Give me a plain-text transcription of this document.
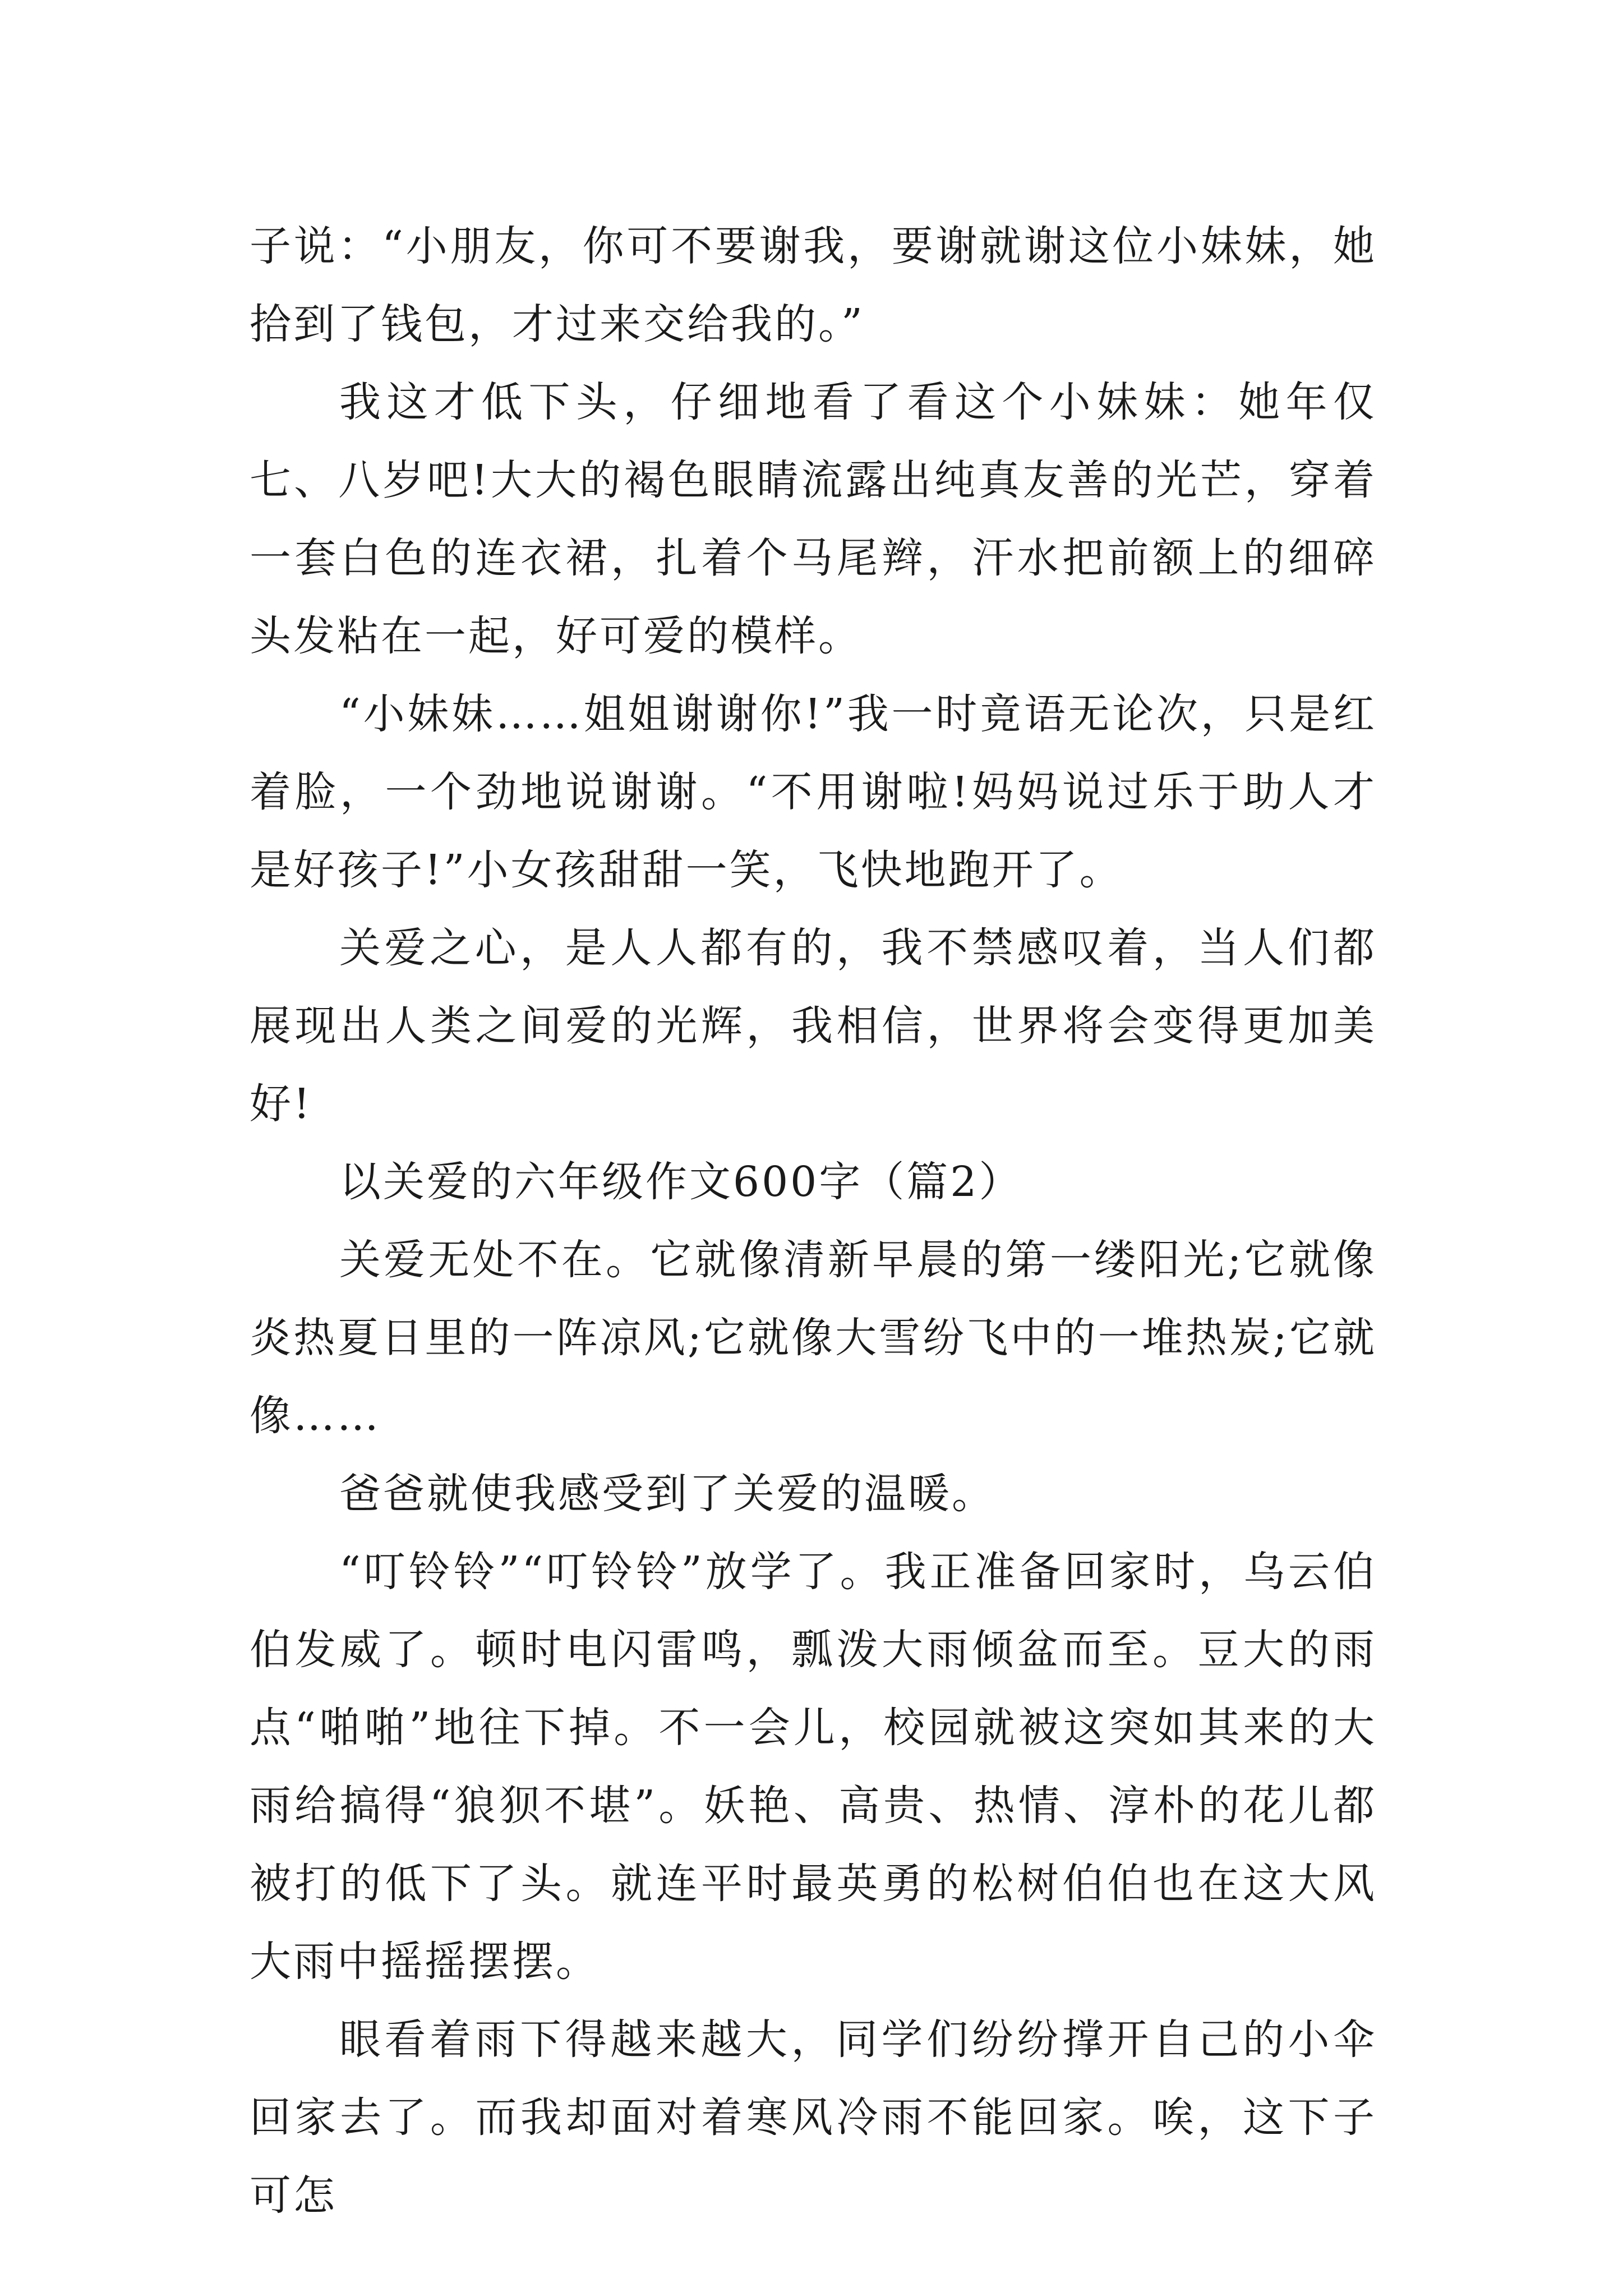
子说：“小朋友，你可不要谢我，要谢就谢这位小妹妹，她拾到了钱包，才过来交给我的。”

我这才低下头，仔细地看了看这个小妹妹：她年仅七、八岁吧!大大的褐色眼睛流露出纯真友善的光芒，穿着一套白色的连衣裙，扎着个马尾辫，汗水把前额上的细碎头发粘在一起，好可爱的模样。

“小妹妹……姐姐谢谢你!”我一时竟语无论次，只是红着脸，一个劲地说谢谢。“不用谢啦!妈妈说过乐于助人才是好孩子!”小女孩甜甜一笑，飞快地跑开了。

关爱之心，是人人都有的，我不禁感叹着，当人们都展现出人类之间爱的光辉，我相信，世界将会变得更加美好!

以关爱的六年级作文600字（篇2）

关爱无处不在。它就像清新早晨的第一缕阳光;它就像炎热夏日里的一阵凉风;它就像大雪纷飞中的一堆热炭;它就像……

爸爸就使我感受到了关爱的温暖。

“叮铃铃”“叮铃铃”放学了。我正准备回家时，乌云伯伯发威了。顿时电闪雷鸣，瓢泼大雨倾盆而至。豆大的雨点“啪啪”地往下掉。不一会儿，校园就被这突如其来的大雨给搞得“狼狈不堪”。妖艳、高贵、热情、淳朴的花儿都被打的低下了头。就连平时最英勇的松树伯伯也在这大风大雨中摇摇摆摆。

眼看着雨下得越来越大，同学们纷纷撑开自己的小伞回家去了。而我却面对着寒风冷雨不能回家。唉，这下子可怎
